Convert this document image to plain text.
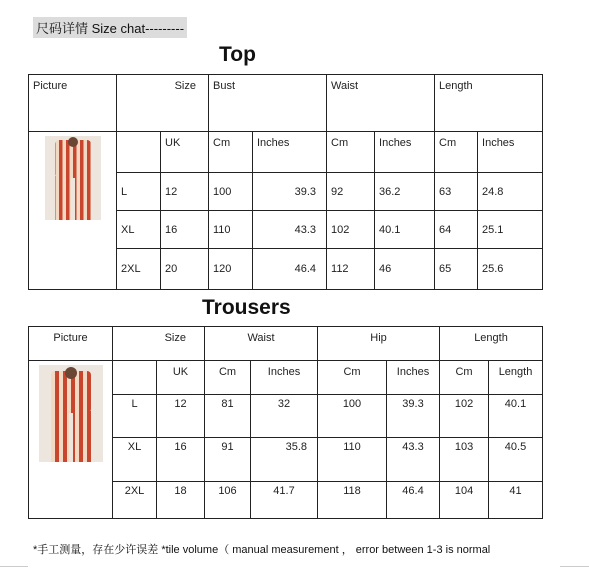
尺码详情 Size chat---------
Top
Picture	Size		Bust		Waist		Length	

		UK	Cm	Inches	Cm	Inches	Cm	Inches
	L	12	100	39.3	92	36.2	63	24.8
	XL	16	110	43.3	102	40.1	64	25.1
	2XL	20	120	46.4	112	46	65	25.6
Trousers
Picture	Size		Waist		Hip		Length	

		UK	Cm	Inches	Cm	Inches	Cm	Length
	L	12	81	32	100	39.3	102	40.1
	XL	16	91	35.8	110	43.3	103	40.5
	2XL	18	106	41.7	118	46.4	104	41
*手工测量，存在少许误差 *tile volume（ manual measurement ， error between 1-3 is normal
